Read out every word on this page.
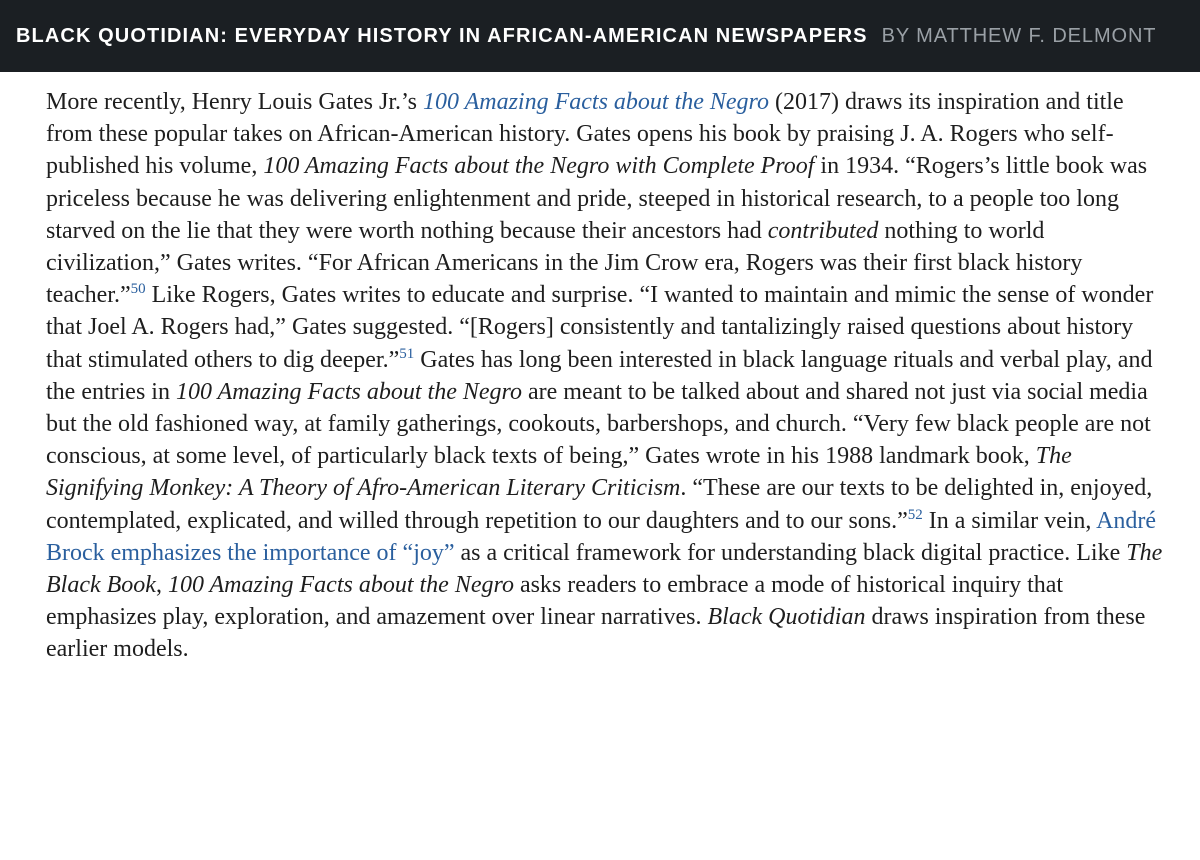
BLACK QUOTIDIAN: EVERYDAY HISTORY IN AFRICAN-AMERICAN NEWSPAPERS BY MATTHEW F. DELMONT

More recently, Henry Louis Gates Jr.’s 100 Amazing Facts about the Negro (2017) draws its inspiration and title from these popular takes on African-American history. Gates opens his book by praising J. A. Rogers who self-published his volume, 100 Amazing Facts about the Negro with Complete Proof in 1934. “Rogers’s little book was priceless because he was delivering enlightenment and pride, steeped in historical research, to a people too long starved on the lie that they were worth nothing because their ancestors had contributed nothing to world civilization,” Gates writes. “For African Americans in the Jim Crow era, Rogers was their first black history teacher.”$^{50}$ Like Rogers, Gates writes to educate and surprise. “I wanted to maintain and mimic the sense of wonder that Joel A. Rogers had,” Gates suggested. “[Rogers] consistently and tantalizingly raised questions about history that stimulated others to dig deeper.”$^{51}$ Gates has long been interested in black language rituals and verbal play, and the entries in 100 Amazing Facts about the Negro are meant to be talked about and shared not just via social media but the old fashioned way, at family gatherings, cookouts, barbershops, and church. “Very few black people are not conscious, at some level, of particularly black texts of being,” Gates wrote in his 1988 landmark book, The Signifying Monkey: A Theory of Afro-American Literary Criticism. “These are our texts to be delighted in, enjoyed, contemplated, explicated, and willed through repetition to our daughters and to our sons.”$^{52}$ In a similar vein, André Brock emphasizes the importance of “joy” as a critical framework for understanding black digital practice. Like The Black Book, 100 Amazing Facts about the Negro asks readers to embrace a mode of historical inquiry that emphasizes play, exploration, and amazement over linear narratives. Black Quotidian draws inspiration from these earlier models.
